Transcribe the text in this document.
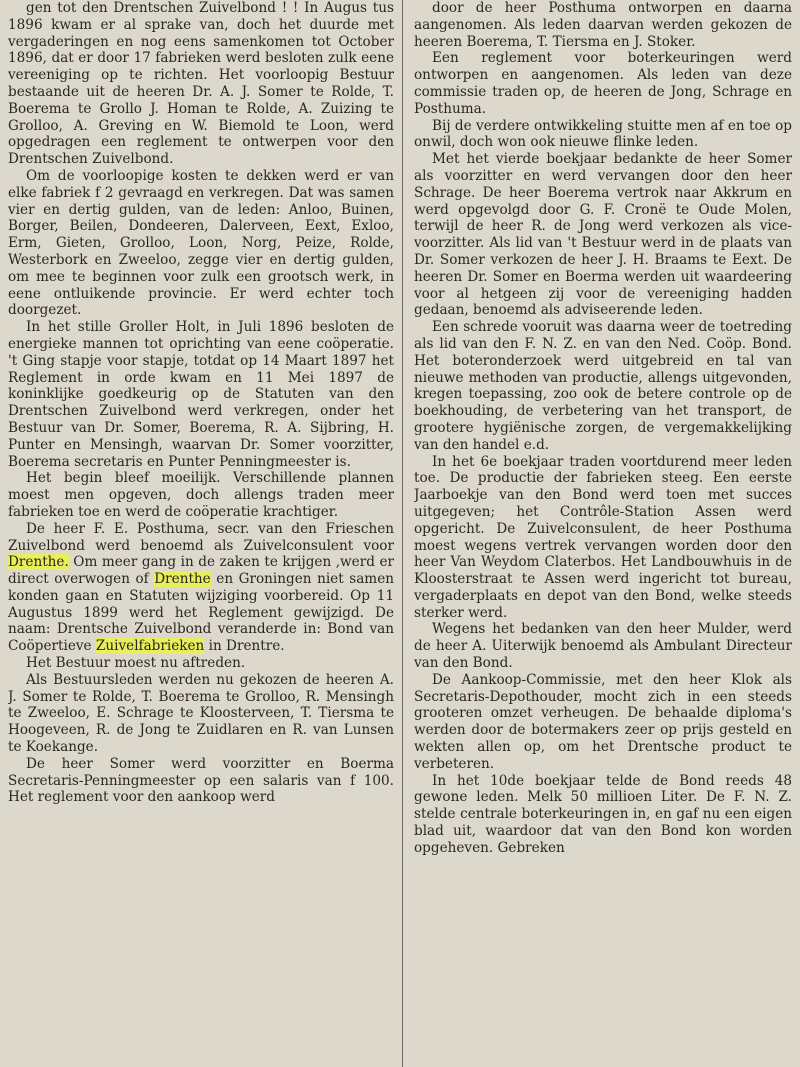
gen tot den Drentschen Zuivelbond ! ! In Augus tus 1896 kwam er al sprake van, doch het duurde met vergaderingen en nog eens samenkomen tot October 1896, dat er door 17 fabrieken werd besloten zulk eene vereeniging op te richten. Het voorloopig Bestuur bestaande uit de heeren Dr. A. J. Somer te Rolde, T. Boerema te Grollo J. Homan te Rolde, A. Zuizing te Grolloo, A. Greving en W. Biemold te Loon, werd opgedragen een reglement te ontwerpen voor den Drentschen Zuivelbond.

Om de voorloopige kosten te dekken werd er van elke fabriek f 2 gevraagd en verkregen. Dat was samen vier en dertig gulden, van de leden: Anloo, Buinen, Borger, Beilen, Dondeeren, Dalerveen, Eext, Exloo, Erm, Gieten, Grolloo, Loon, Norg, Peize, Rolde, Westerbork en Zweeloo, zegge vier en dertig gulden, om mee te beginnen voor zulk een grootsch werk, in eene ontluikende provincie. Er werd echter toch doorgezet.

In het stille Groller Holt, in Juli 1896 besloten de energieke mannen tot oprichting van eene coöperatie. 't Ging stapje voor stapje, totdat op 14 Maart 1897 het Reglement in orde kwam en 11 Mei 1897 de koninklijke goedkeurig op de Statuten van den Drentschen Zuivelbond werd verkregen, onder het Bestuur van Dr. Somer, Boerema, R. A. Sijbring, H. Punter en Mensingh, waarvan Dr. Somer voorzitter, Boerema secretaris en Punter Penningmeester is.

Het begin bleef moeilijk. Verschillende plannen moest men opgeven, doch allengs traden meer fabrieken toe en werd de coöperatie krachtiger.

De heer F. E. Posthuma, secr. van den Frieschen Zuivelbond werd benoemd als Zuivelconsulent voor Drenthe. Om meer gang in de zaken te krijgen ,werd er direct overwogen of Drenthe en Groningen niet samen konden gaan en Statuten wijziging voorbereid. Op 11 Augustus 1899 werd het Reglement gewijzigd. De naam: Drentsche Zuivelbond veranderde in: Bond van Coöpertieve Zuivelfabrieken in Drentre.

Het Bestuur moest nu aftreden.

Als Bestuursleden werden nu gekozen de heeren A. J. Somer te Rolde, T. Boerema te Grolloo, R. Mensingh te Zweeloo, E. Schrage te Kloosterveen, T. Tiersma te Hoogeveen, R. de Jong te Zuidlaren en R. van Lunsen te Koekange.

De heer Somer werd voorzitter en Boerma Secretaris-Penningmeester op een salaris van f 100. Het reglement voor den aankoop werd

door de heer Posthuma ontworpen en daarna aangenomen. Als leden daarvan werden gekozen de heeren Boerema, T. Tiersma en J. Stoker.

Een reglement voor boterkeuringen werd ontworpen en aangenomen. Als leden van deze commissie traden op, de heeren de Jong, Schrage en Posthuma.

Bij de verdere ontwikkeling stuitte men af en toe op onwil, doch won ook nieuwe flinke leden.

Met het vierde boekjaar bedankte de heer Somer als voorzitter en werd vervangen door den heer Schrage. De heer Boerema vertrok naar Akkrum en werd opgevolgd door G. F. Cronë te Oude Molen, terwijl de heer R. de Jong werd verkozen als vice-voorzitter. Als lid van 't Bestuur werd in de plaats van Dr. Somer verkozen de heer J. H. Braams te Eext. De heeren Dr. Somer en Boerma werden uit waardeering voor al hetgeen zij voor de vereeniging hadden gedaan, benoemd als adviseerende leden.

Een schrede vooruit was daarna weer de toetreding als lid van den F. N. Z. en van den Ned. Coöp. Bond. Het boteronderzoek werd uitgebreid en tal van nieuwe methoden van productie, allengs uitgevonden, kregen toepassing, zoo ook de betere controle op de boekhouding, de verbetering van het transport, de grootere hygiënische zorgen, de vergemakkelijking van den handel e.d.

In het 6e boekjaar traden voortdurend meer leden toe. De productie der fabrieken steeg. Een eerste Jaarboekje van den Bond werd toen met succes uitgegeven; het Contrôle-Station Assen werd opgericht. De Zuivelconsulent, de heer Posthuma moest wegens vertrek vervangen worden door den heer Van Weydom Claterbos. Het Landbouwhuis in de Kloosterstraat te Assen werd ingericht tot bureau, vergaderplaats en depot van den Bond, welke steeds sterker werd.

Wegens het bedanken van den heer Mulder, werd de heer A. Uiterwijk benoemd als Ambulant Directeur van den Bond.

De Aankoop-Commissie, met den heer Klok als Secretaris-Depothouder, mocht zich in een steeds grooteren omzet verheugen. De behaalde diploma's werden door de botermakers zeer op prijs gesteld en wekten allen op, om het Drentsche product te verbeteren.

In het 10de boekjaar telde de Bond reeds 48 gewone leden. Melk 50 millioen Liter. De F. N. Z. stelde centrale boterkeuringen in, en gaf nu een eigen blad uit, waardoor dat van den Bond kon worden opgeheven. Gebreken
